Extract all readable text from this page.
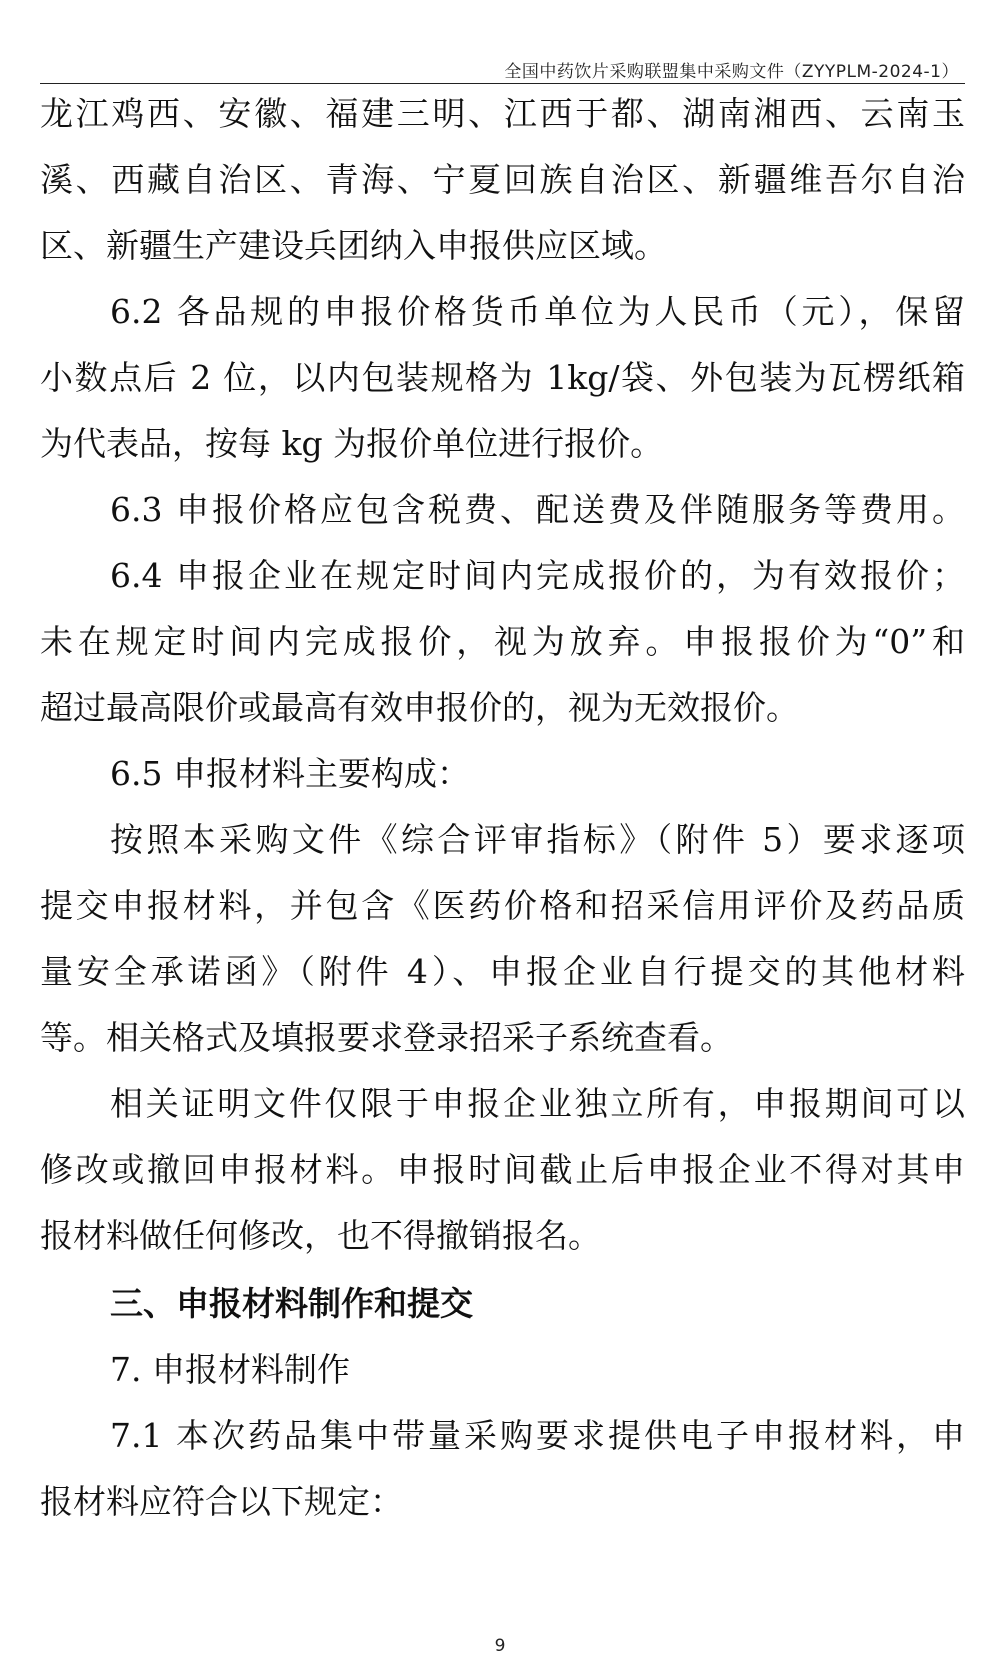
全国中药饮片采购联盟集中采购文件（ZYYPLM-2024-1）
龙江鸡西、安徽、福建三明、江西于都、湖南湘西、云南玉
溪、西藏自治区、青海、宁夏回族自治区、新疆维吾尔自治
区、新疆生产建设兵团纳入申报供应区域。
6.2 各品规的申报价格货币单位为人民币（元），保留
小数点后 2 位，以内包装规格为 1kg/袋、外包装为瓦楞纸箱
为代表品，按每 kg 为报价单位进行报价。
6.3 申报价格应包含税费、配送费及伴随服务等费用。
6.4 申报企业在规定时间内完成报价的，为有效报价；
未在规定时间内完成报价，视为放弃。申报报价为“0”和
超过最高限价或最高有效申报价的，视为无效报价。
6.5 申报材料主要构成：
按照本采购文件《综合评审指标》（附件 5）要求逐项
提交申报材料，并包含《医药价格和招采信用评价及药品质
量安全承诺函》（附件 4）、申报企业自行提交的其他材料
等。相关格式及填报要求登录招采子系统查看。
相关证明文件仅限于申报企业独立所有，申报期间可以
修改或撤回申报材料。申报时间截止后申报企业不得对其申
报材料做任何修改，也不得撤销报名。
三、申报材料制作和提交
7. 申报材料制作
7.1 本次药品集中带量采购要求提供电子申报材料，申
报材料应符合以下规定：
9
